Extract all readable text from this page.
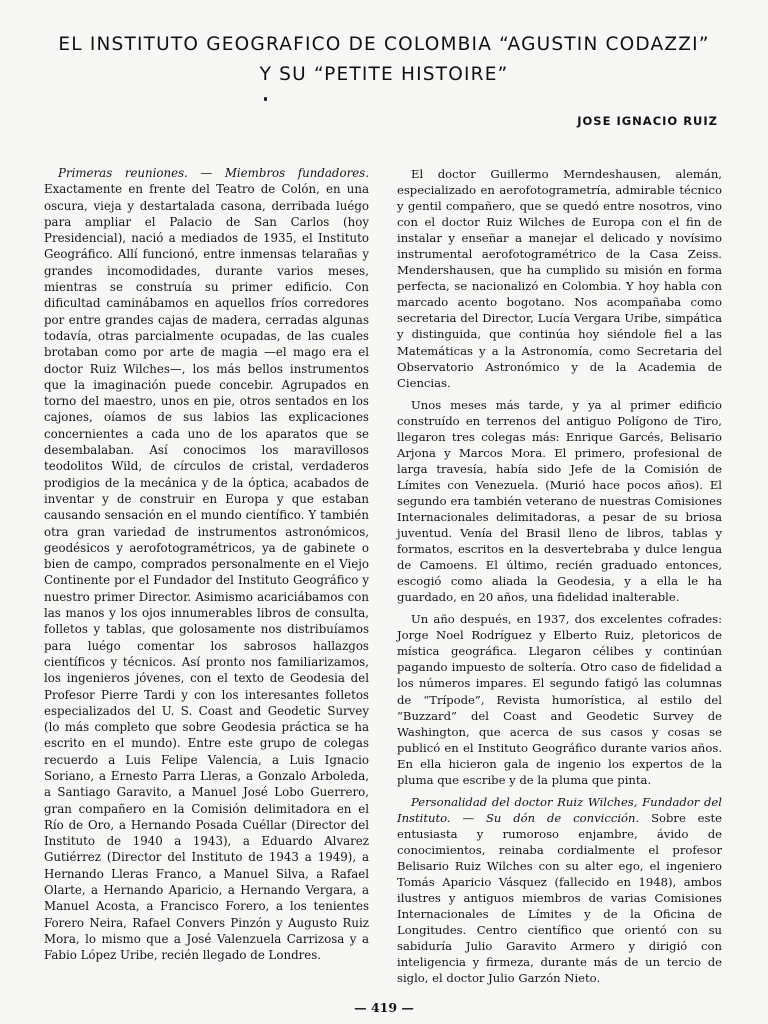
EL INSTITUTO GEOGRAFICO DE COLOMBIA “AGUSTIN CODAZZI”
Y SU “PETITE HISTOIRE”
JOSE IGNACIO RUIZ

Primeras reuniones. — Miembros fundadores. Exactamente en frente del Teatro de Colón, en una oscura, vieja y destartalada casona, derribada luégo para ampliar el Palacio de San Carlos (hoy Presidencial), nació a mediados de 1935, el Instituto Geográfico. Allí funcionó, entre inmensas telarañas y grandes incomodidades, durante varios meses, mientras se construía su primer edificio. Con dificultad caminábamos en aquellos fríos corredores por entre grandes cajas de madera, cerradas algunas todavía, otras parcialmente ocupadas, de las cuales brotaban como por arte de magia —el mago era el doctor Ruiz Wilches—, los más bellos instrumentos que la imaginación puede concebir. Agrupados en torno del maestro, unos en pie, otros sentados en los cajones, oíamos de sus labios las explicaciones concernientes a cada uno de los aparatos que se desembalaban. Así conocimos los maravillosos teodolitos Wild, de círculos de cristal, verdaderos prodigios de la mecánica y de la óptica, acabados de inventar y de construir en Europa y que estaban causando sensación en el mundo científico. Y también otra gran variedad de instrumentos astronómicos, geodésicos y aerofotogramétricos, ya de gabinete o bien de campo, comprados personalmente en el Viejo Continente por el Fundador del Instituto Geográfico y nuestro primer Director. Asimismo acariciábamos con las manos y los ojos innumerables libros de consulta, folletos y tablas, que golosamente nos distribuíamos para luégo comentar los sabrosos hallazgos científicos y técnicos. Así pronto nos familiarizamos, los ingenieros jóvenes, con el texto de Geodesia del Profesor Pierre Tardi y con los interesantes folletos especializados del U. S. Coast and Geodetic Survey (lo más completo que sobre Geodesia práctica se ha escrito en el mundo). Entre este grupo de colegas recuerdo a Luis Felipe Valencia, a Luis Ignacio Soriano, a Ernesto Parra Lleras, a Gonzalo Arboleda, a Santiago Garavito, a Manuel José Lobo Guerrero, gran compañero en la Comisión delimitadora en el Río de Oro, a Hernando Posada Cuéllar (Director del Instituto de 1940 a 1943), a Eduardo Alvarez Gutiérrez (Director del Instituto de 1943 a 1949), a Hernando Lleras Franco, a Manuel Silva, a Rafael Olarte, a Hernando Aparicio, a Hernando Vergara, a Manuel Acosta, a Francisco Forero, a los tenientes Forero Neira, Rafael Convers Pinzón y Augusto Ruiz Mora, lo mismo que a José Valenzuela Carrizosa y a Fabio López Uribe, recién llegado de Londres.

El doctor Guillermo Merndeshausen, alemán, especializado en aerofotogrametría, admirable técnico y gentil compañero, que se quedó entre nosotros, vino con el doctor Ruiz Wilches de Europa con el fin de instalar y enseñar a manejar el delicado y novísimo instrumental aerofotogramétrico de la Casa Zeiss. Mendershausen, que ha cumplido su misión en forma perfecta, se nacionalizó en Colombia. Y hoy habla con marcado acento bogotano. Nos acompañaba como secretaria del Director, Lucía Vergara Uribe, simpática y distinguida, que continúa hoy siéndole fiel a las Matemáticas y a la Astronomía, como Secretaria del Observatorio Astronómico y de la Academia de Ciencias.

Unos meses más tarde, y ya al primer edificio construído en terrenos del antiguo Polígono de Tiro, llegaron tres colegas más: Enrique Garcés, Belisario Arjona y Marcos Mora. El primero, profesional de larga travesía, había sido Jefe de la Comisión de Límites con Venezuela. (Murió hace pocos años). El segundo era también veterano de nuestras Comisiones Internacionales delimitadoras, a pesar de su briosa juventud. Venía del Brasil lleno de libros, tablas y formatos, escritos en la desvertebraba y dulce lengua de Camoens. El último, recién graduado entonces, escogió como aliada la Geodesia, y a ella le ha guardado, en 20 años, una fidelidad inalterable.

Un año después, en 1937, dos excelentes cofrades: Jorge Noel Rodríguez y Elberto Ruiz, pletoricos de mística geográfica. Llegaron célibes y continúan pagando impuesto de soltería. Otro caso de fidelidad a los números impares. El segundo fatigó las columnas de “Trípode”, Revista humorística, al estilo del “Buzzard” del Coast and Geodetic Survey de Washington, que acerca de sus casos y cosas se publicó en el Instituto Geográfico durante varios años. En ella hicieron gala de ingenio los expertos de la pluma que escribe y de la pluma que pinta.

Personalidad del doctor Ruiz Wilches, Fundador del Instituto. — Su dón de convicción. Sobre este entusiasta y rumoroso enjambre, ávido de conocimientos, reinaba cordialmente el profesor Belisario Ruiz Wilches con su alter ego, el ingeniero Tomás Aparicio Vásquez (fallecido en 1948), ambos ilustres y antiguos miembros de varias Comisiones Internacionales de Límites y de la Oficina de Longitudes. Centro científico que orientó con su sabiduría Julio Garavito Armero y dirigió con inteligencia y firmeza, durante más de un tercio de siglo, el doctor Julio Garzón Nieto.

— 419 —
